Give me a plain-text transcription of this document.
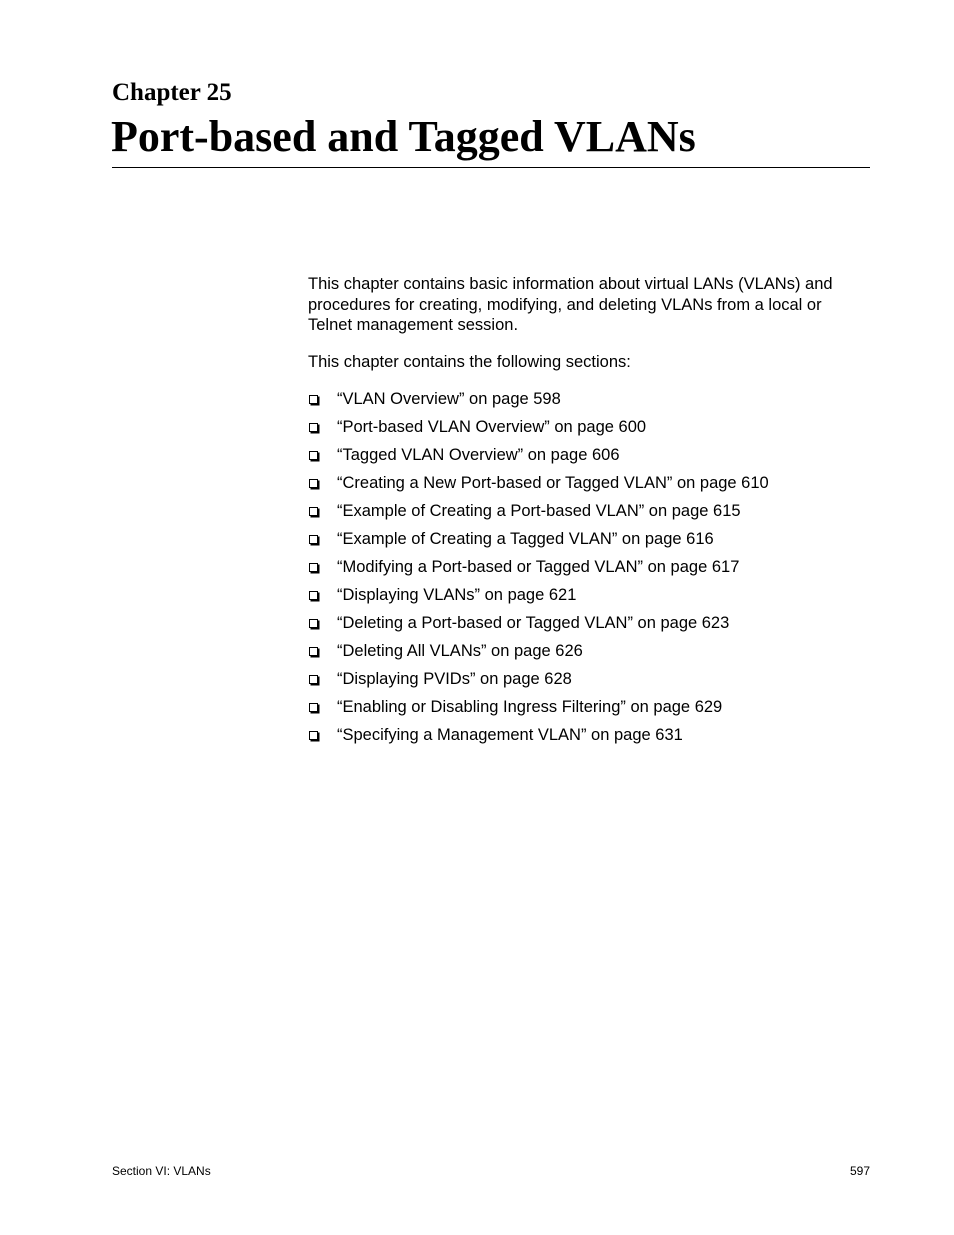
Chapter 25
Port-based and Tagged VLANs

This chapter contains basic information about virtual LANs (VLANs) and procedures for creating, modifying, and deleting VLANs from a local or Telnet management session.

This chapter contains the following sections:

“VLAN Overview” on page 598
“Port-based VLAN Overview” on page 600
“Tagged VLAN Overview” on page 606
“Creating a New Port-based or Tagged VLAN” on page 610
“Example of Creating a Port-based VLAN” on page 615
“Example of Creating a Tagged VLAN” on page 616
“Modifying a Port-based or Tagged VLAN” on page 617
“Displaying VLANs” on page 621
“Deleting a Port-based or Tagged VLAN” on page 623
“Deleting All VLANs” on page 626
“Displaying PVIDs” on page 628
“Enabling or Disabling Ingress Filtering” on page 629
“Specifying a Management VLAN” on page 631
Section VI: VLANs	597
